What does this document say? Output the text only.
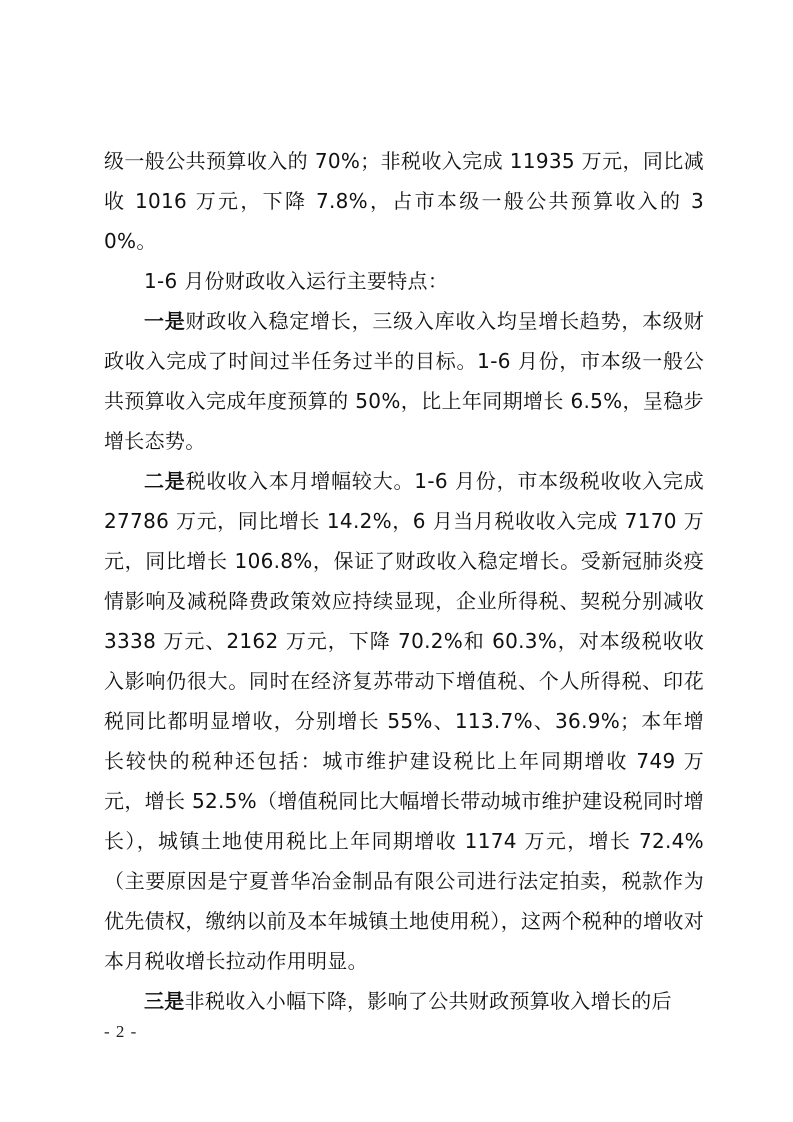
级一般公共预算收入的 70%；非税收入完成 11935 万元，同比减收 1016 万元，下降 7.8%，占市本级一般公共预算收入的 30%。

1-6 月份财政收入运行主要特点：

一是财政收入稳定增长，三级入库收入均呈增长趋势，本级财政收入完成了时间过半任务过半的目标。1-6 月份，市本级一般公共预算收入完成年度预算的 50%，比上年同期增长 6.5%，呈稳步增长态势。

二是税收收入本月增幅较大。1-6 月份，市本级税收收入完成 27786 万元，同比增长 14.2%，6 月当月税收收入完成 7170 万元，同比增长 106.8%，保证了财政收入稳定增长。受新冠肺炎疫情影响及减税降费政策效应持续显现，企业所得税、契税分别减收 3338 万元、2162 万元，下降 70.2%和 60.3%，对本级税收收入影响仍很大。同时在经济复苏带动下增值税、个人所得税、印花税同比都明显增收，分别增长 55%、113.7%、36.9%；本年增长较快的税种还包括：城市维护建设税比上年同期增收 749 万元，增长 52.5%（增值税同比大幅增长带动城市维护建设税同时增长），城镇土地使用税比上年同期增收 1174 万元，增长 72.4%（主要原因是宁夏普华冶金制品有限公司进行法定拍卖，税款作为优先债权，缴纳以前及本年城镇土地使用税），这两个税种的增收对本月税收增长拉动作用明显。

三是非税收入小幅下降，影响了公共财政预算收入增长的后

- 2 -
